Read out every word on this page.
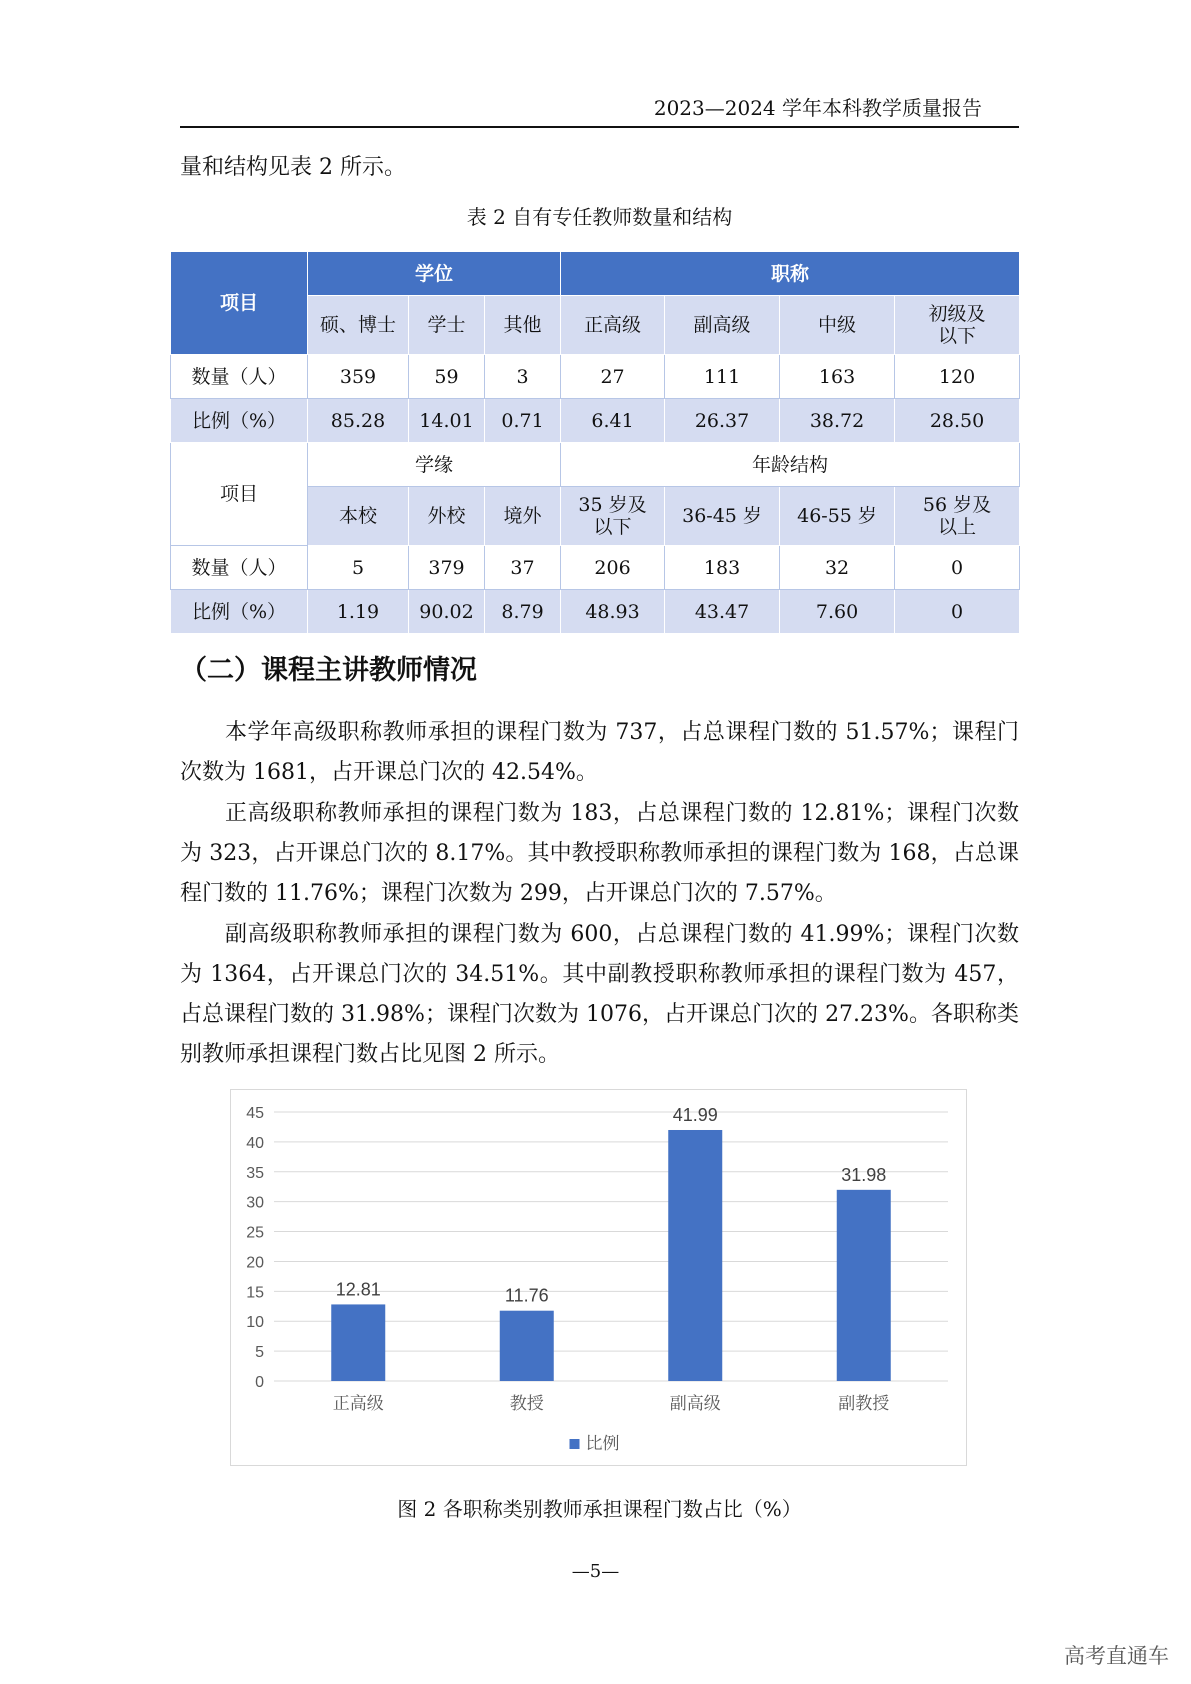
2023—2024 学年本科教学质量报告
量和结构见表 2 所示。
表 2 自有专任教师数量和结构
项目	学位			职称			
	硕、博士	学士	其他	正高级	副高级	中级	初级及
以下
数量（人）	359	59	3	27	111	163	120
比例（%）	85.28	14.01	0.71	6.41	26.37	38.72	28.50
项目	学缘			年龄结构			
	本校	外校	境外	35 岁及
以下	36-45 岁	46-55 岁	56 岁及
以上
数量（人）	5	379	37	206	183	32	0
比例（%）	1.19	90.02	8.79	48.93	43.47	7.60	0
（二）课程主讲教师情况

　　本学年高级职称教师承担的课程门数为 737，占总课程门数的 51.57%；课程门次数为 1681，占开课总门次的 42.54%。

　　正高级职称教师承担的课程门数为 183，占总课程门数的 12.81%；课程门次数为 323，占开课总门次的 8.17%。其中教授职称教师承担的课程门数为 168，占总课程门数的 11.76%；课程门次数为 299，占开课总门次的 7.57%。

　　副高级职称教师承担的课程门数为 600，占总课程门数的 41.99%；课程门次数为 1364，占开课总门次的 34.51%。其中副教授职称教师承担的课程门数为 457，占总课程门数的 31.98%；课程门次数为 1076，占开课总门次的 27.23%。各职称类别教师承担课程门数占比见图 2 所示。

0
5
10
15
20
25
30
35
40
45
12.81
正高级
11.76
教授
41.99
副高级
31.98
副教授
比例
图 2 各职称类别教师承担课程门数占比（%）
—5—
高考直通车
